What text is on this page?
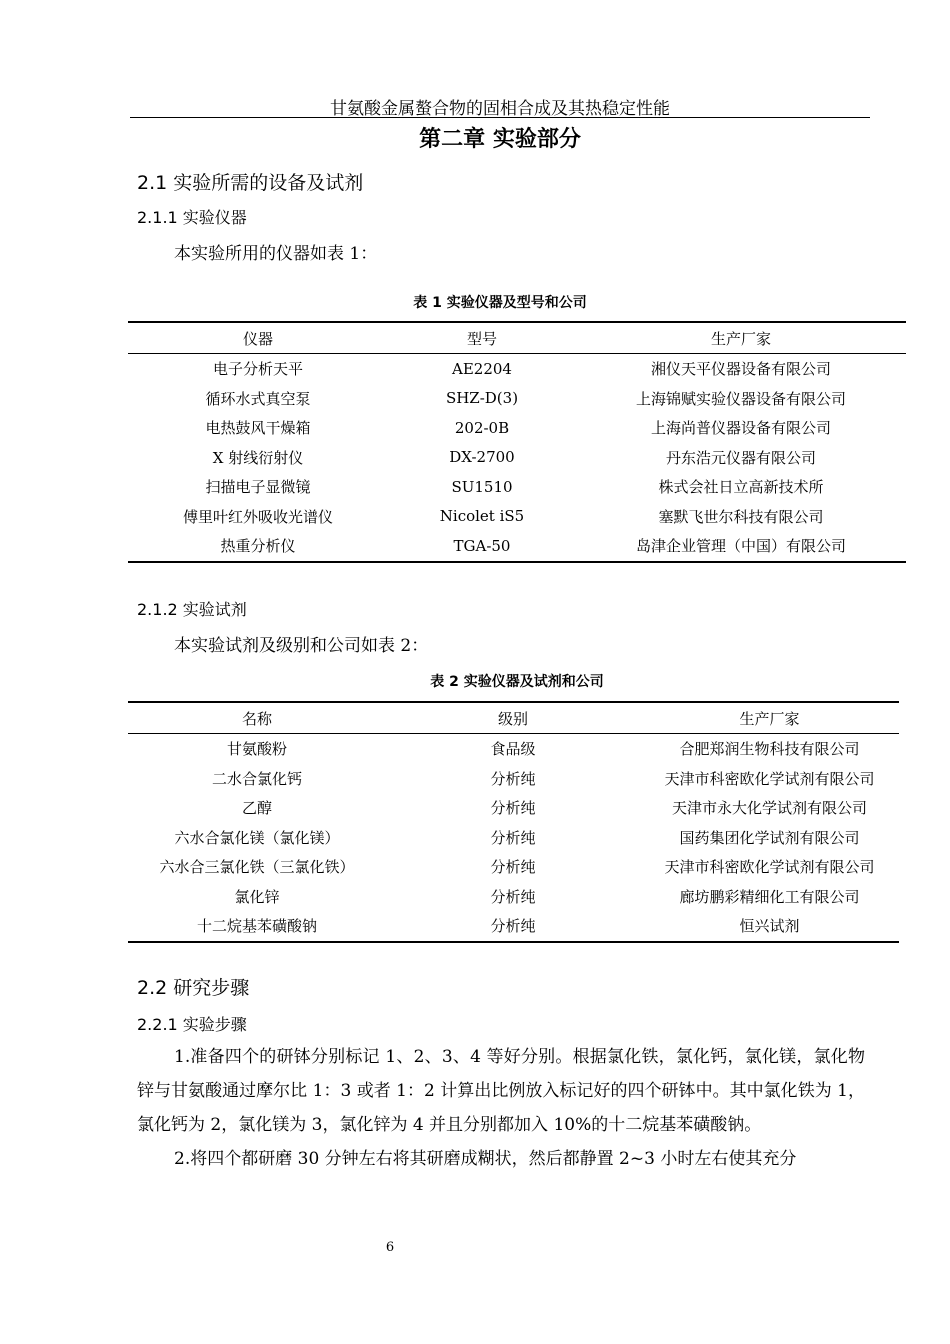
甘氨酸金属螯合物的固相合成及其热稳定性能
第二章 实验部分
2.1 实验所需的设备及试剂
2.1.1 实验仪器
本实验所用的仪器如表 1：
表 1 实验仪器及型号和公司
仪器	型号	生产厂家
电子分析天平	AE2204	湘仪天平仪器设备有限公司
循环水式真空泵	SHZ-D(3)	上海锦赋实验仪器设备有限公司
电热鼓风干燥箱	202-0B	上海尚普仪器设备有限公司
X 射线衍射仪	DX-2700	丹东浩元仪器有限公司
扫描电子显微镜	SU1510	株式会社日立高新技术所
傅里叶红外吸收光谱仪	Nicolet iS5	塞默飞世尔科技有限公司
热重分析仪	TGA-50	岛津企业管理（中国）有限公司
2.1.2 实验试剂
本实验试剂及级别和公司如表 2：
表 2 实验仪器及试剂和公司
名称	级别	生产厂家
甘氨酸粉	食品级	合肥郑润生物科技有限公司
二水合氯化钙	分析纯	天津市科密欧化学试剂有限公司
乙醇	分析纯	天津市永大化学试剂有限公司
六水合氯化镁（氯化镁）	分析纯	国药集团化学试剂有限公司
六水合三氯化铁（三氯化铁）	分析纯	天津市科密欧化学试剂有限公司
氯化锌	分析纯	廊坊鹏彩精细化工有限公司
十二烷基苯磺酸钠	分析纯	恒兴试剂
2.2 研究步骤
2.2.1 实验步骤

1.准备四个的研钵分别标记 1、2、3、4 等好分别。根据氯化铁，氯化钙，氯化镁，氯化物锌与甘氨酸通过摩尔比 1：3 或者 1：2 计算出比例放入标记好的四个研钵中。其中氯化铁为 1，氯化钙为 2，氯化镁为 3，氯化锌为 4 并且分别都加入 10%的十二烷基苯磺酸钠。

2.将四个都研磨 30 分钟左右将其研磨成糊状，然后都静置 2~3 小时左右使其充分

6
